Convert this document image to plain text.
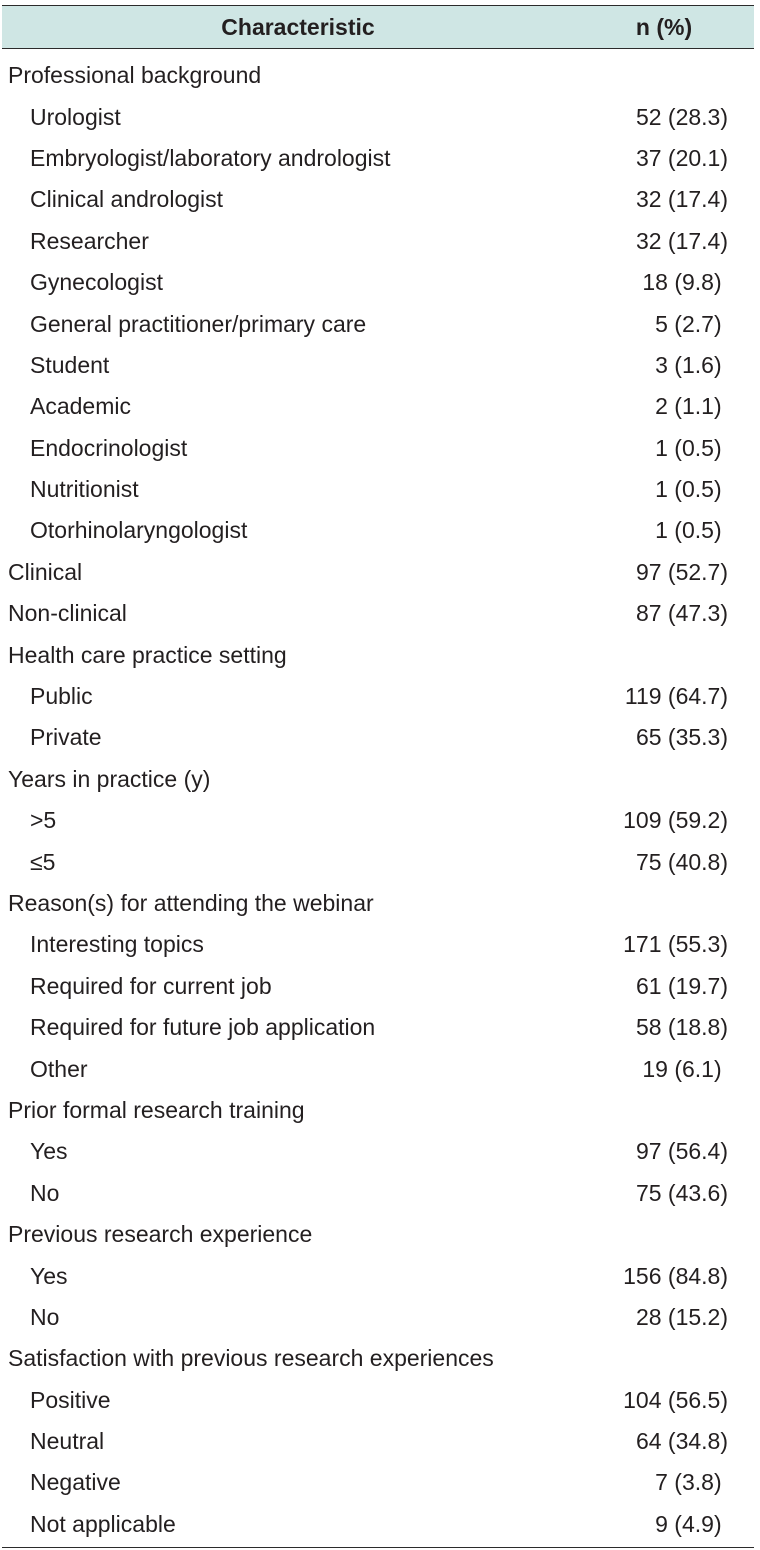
Characteristic	n (%)
Professional background
Urologist	52 (28.3)
Embryologist/laboratory andrologist	37 (20.1)
Clinical andrologist	32 (17.4)
Researcher	32 (17.4)
Gynecologist	18 (9.8)
General practitioner/primary care	5 (2.7)
Student	3 (1.6)
Academic	2 (1.1)
Endocrinologist	1 (0.5)
Nutritionist	1 (0.5)
Otorhinolaryngologist	1 (0.5)
Clinical	97 (52.7)
Non-clinical	87 (47.3)
Health care practice setting
Public	119 (64.7)
Private	65 (35.3)
Years in practice (y)
>5	109 (59.2)
≤5	75 (40.8)
Reason(s) for attending the webinar
Interesting topics	171 (55.3)
Required for current job	61 (19.7)
Required for future job application	58 (18.8)
Other	19 (6.1)
Prior formal research training
Yes	97 (56.4)
No	75 (43.6)
Previous research experience
Yes	156 (84.8)
No	28 (15.2)
Satisfaction with previous research experiences
Positive	104 (56.5)
Neutral	64 (34.8)
Negative	7 (3.8)
Not applicable	9 (4.9)
